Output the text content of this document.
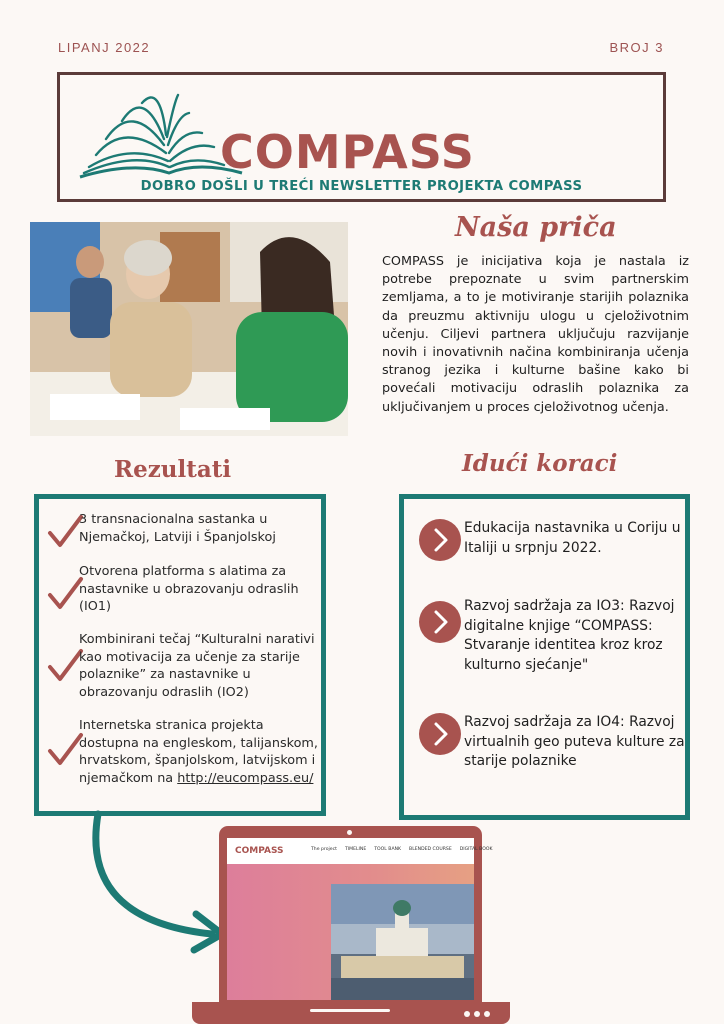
LIPANJ 2022	BROJ 3
COMPASS
DOBRO DOŠLI U TREĆI NEWSLETTER PROJEKTA COMPASS
Naša priča
COMPASS je inicijativa koja je nastala iz potrebe prepoznate u svim partnerskim zemljama, a to je motiviranje starijih polaznika da preuzmu aktivniju ulogu u cjeloživotnim učenju. Ciljevi partnera uključuju razvijanje novih i inovativnih načina kombiniranja učenja stranog jezika i kulturne bašine kako bi povećali motivaciju odraslih polaznika za uključivanjem u proces cjeloživotnog učenja.
Rezultati	Idući koraci
3 transnacionalna sastanka u Njemačkoj, Latviji i Španjolskoj
Otvorena platforma s alatima za nastavnike u obrazovanju odraslih (IO1)
Kombinirani tečaj “Kulturalni narativi kao motivacija za učenje za starije polaznike” za nastavnike u obrazovanju odraslih (IO2)
Internetska stranica projekta dostupna na engleskom, talijanskom, hrvatskom, španjolskom, latvijskom i njemačkom na http://eucompass.eu/
Edukacija nastavnika u Coriju u Italiji u srpnju 2022.
Razvoj sadržaja za IO3: Razvoj digitalne knjige “COMPASS: Stvaranje identitea kroz kroz kulturno sjećanje"
Razvoj sadržaja za IO4: Razvoj virtualnih geo puteva kulture za starije polaznike
COMPASS	The project TIMELINE TOOL BANK BLENDED COURSE DIGITAL BOOK
